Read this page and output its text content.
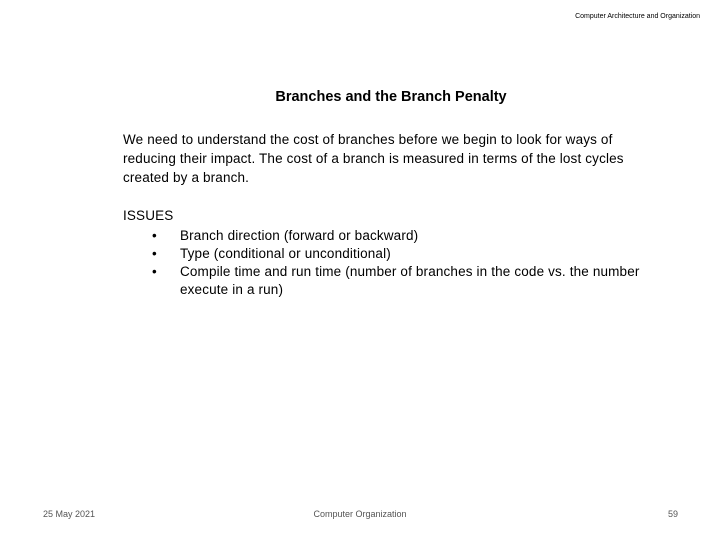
Computer Architecture and Organization
Branches and the Branch Penalty
We need to understand the cost of branches before we begin to look for ways of reducing their impact. The cost of a branch is measured in terms of the lost cycles created by a branch.
ISSUES
• Branch direction (forward or backward)
• Type (conditional or unconditional)
• Compile time and run time (number of branches in the code vs. the number execute in a run)
25 May 2021	Computer Organization	59
